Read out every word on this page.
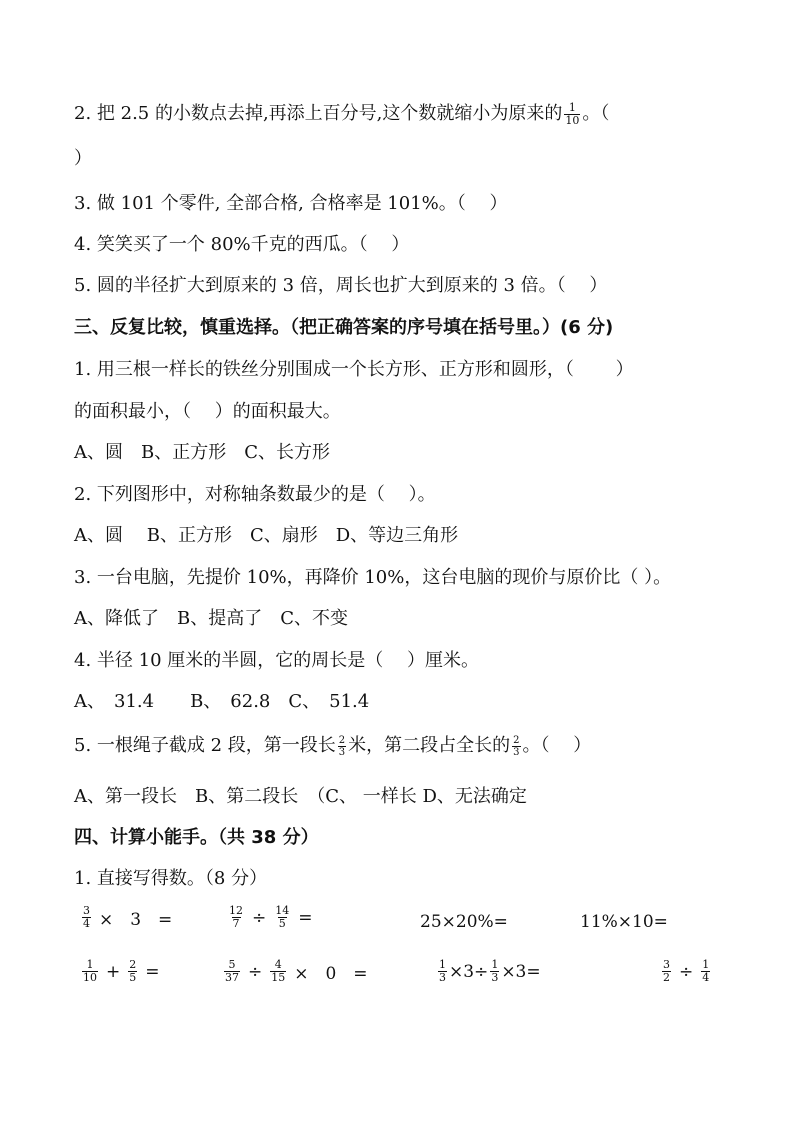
2. 把 2.5 的小数点去掉,再添上百分号,这个数就缩小为原来的 $\frac{1}{10}$ 。（
）
3. 做 101 个零件, 全部合格, 合格率是 101%。（　 ）
4. 笑笑买了一个 80%千克的西瓜。（　 ）
5. 圆的半径扩大到原来的 3 倍，周长也扩大到原来的 3 倍。（　 ）
三、反复比较，慎重选择。（把正确答案的序号填在括号里。）(6 分)
1. 用三根一样长的铁丝分别围成一个长方形、正方形和圆形，（　　 ）
的面积最小，（　 ）的面积最大。
A、圆　B、正方形　C、长方形
2. 下列图形中，对称轴条数最少的是（　 ）。
A、圆　 B、正方形　C、扇形　D、等边三角形
3. 一台电脑，先提价 10%，再降价 10%，这台电脑的现价与原价比（ ）。
A、降低了　B、提高了　C、不变
4. 半径 10 厘米的半圆，它的周长是（　 ）厘米。
A、　31.4　　B、　62.8　C、　51.4
5. 一根绳子截成 2 段，第一段长 $\frac{2}{3}$ 米，第二段占全长的 $\frac{2}{3}$ 。（　 ）
A、第一段长　B、第二段长　（C、 一样长 D、无法确定
四、计算小能手。（共 38 分）
1. 直接写得数。（8 分）
$\frac{3}{4}$ ×　3　=	$\frac{12}{7} \div \frac{14}{5}$ =	25×20%=	11%×10=
$\frac{1}{10} + \frac{2}{5}$ =	$\frac{5}{37} \div \frac{4}{15}$ ×　0　=	$\frac{1}{3} \times 3\div \frac{1}{3} \times 3=$	$\frac{3}{2} \div \frac{1}{4}$
